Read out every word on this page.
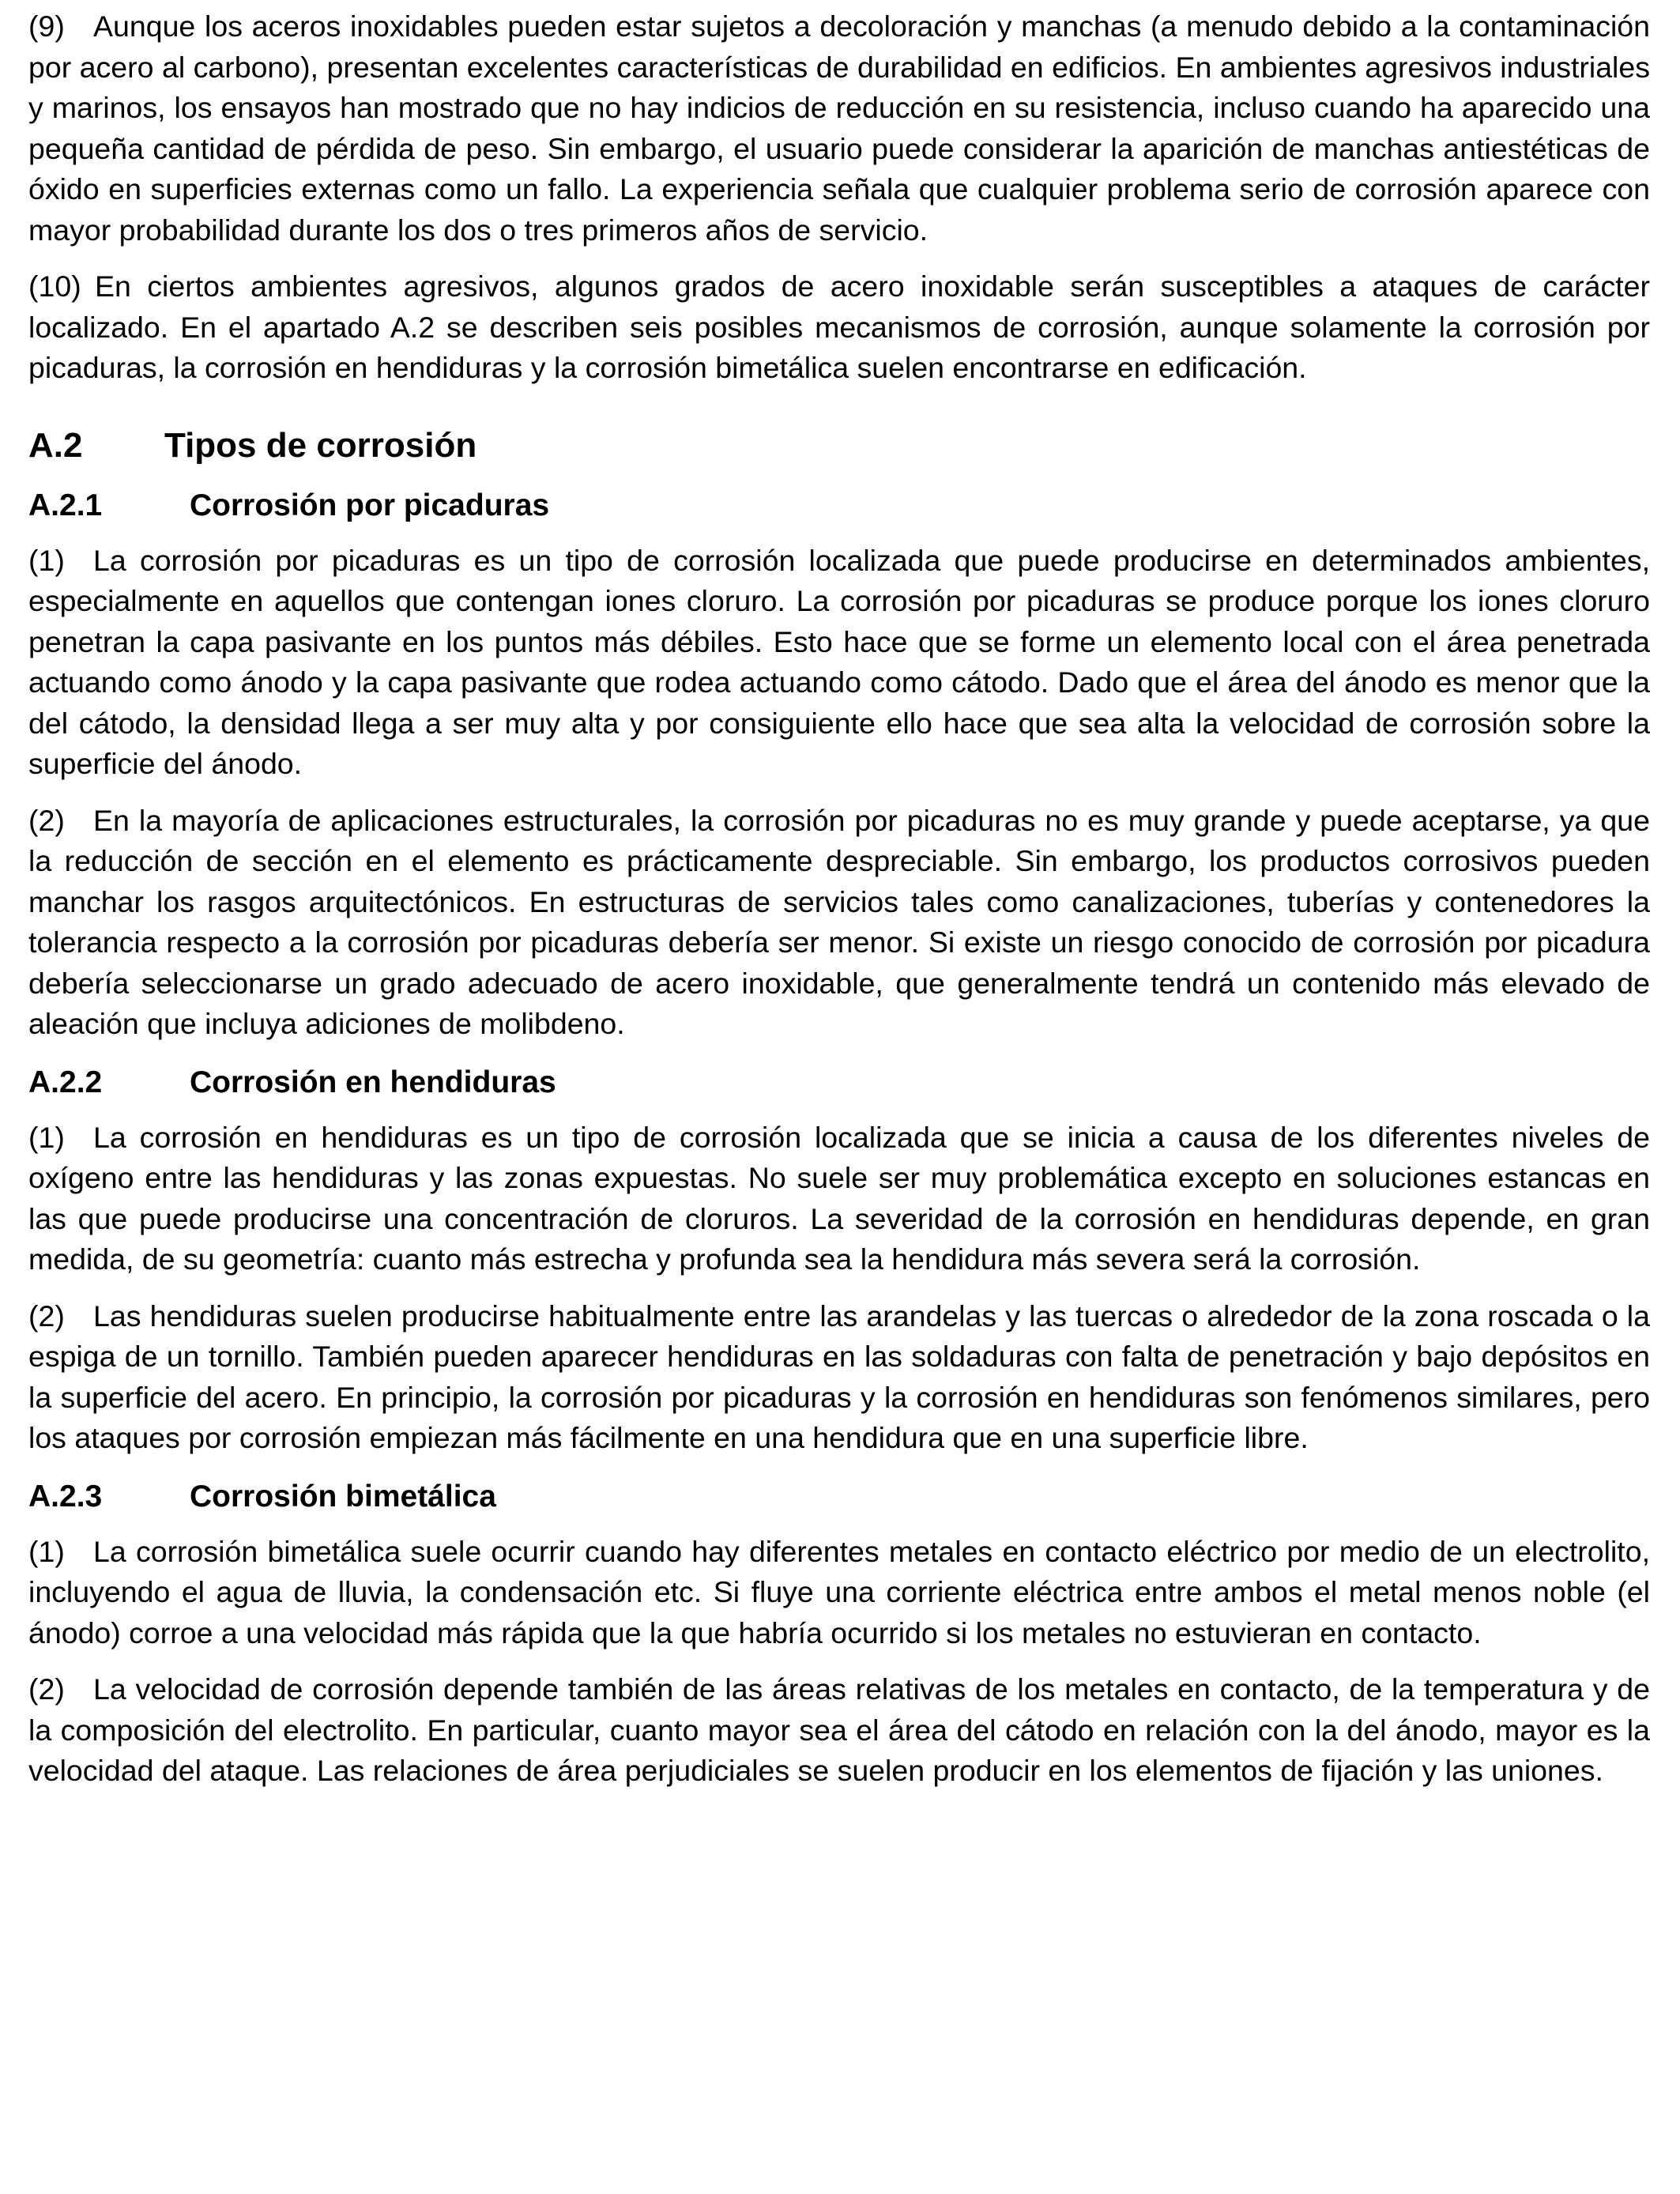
(9) Aunque los aceros inoxidables pueden estar sujetos a decoloración y manchas (a menudo debido a la contaminación por acero al carbono), presentan excelentes características de durabilidad en edificios. En ambientes agresivos industriales y marinos, los ensayos han mostrado que no hay indicios de reducción en su resistencia, incluso cuando ha aparecido una pequeña cantidad de pérdida de peso. Sin embargo, el usuario puede considerar la aparición de manchas antiestéticas de óxido en superficies externas como un fallo. La experiencia señala que cualquier problema serio de corrosión aparece con mayor probabilidad durante los dos o tres primeros años de servicio.

(10) En ciertos ambientes agresivos, algunos grados de acero inoxidable serán susceptibles a ataques de carácter localizado. En el apartado A.2 se describen seis posibles mecanismos de corrosión, aunque solamente la corrosión por picaduras, la corrosión en hendiduras y la corrosión bimetálica suelen encontrarse en edificación.

A.2 Tipos de corrosión
A.2.1	Corrosión por picaduras

(1) La corrosión por picaduras es un tipo de corrosión localizada que puede producirse en determinados ambientes, especialmente en aquellos que contengan iones cloruro. La corrosión por picaduras se produce porque los iones cloruro penetran la capa pasivante en los puntos más débiles. Esto hace que se forme un elemento local con el área penetrada actuando como ánodo y la capa pasivante que rodea actuando como cátodo. Dado que el área del ánodo es menor que la del cátodo, la densidad llega a ser muy alta y por consiguiente ello hace que sea alta la velocidad de corrosión sobre la superficie del ánodo.

(2) En la mayoría de aplicaciones estructurales, la corrosión por picaduras no es muy grande y puede aceptarse, ya que la reducción de sección en el elemento es prácticamente despreciable. Sin embargo, los productos corrosivos pueden manchar los rasgos arquitectónicos. En estructuras de servicios tales como canalizaciones, tuberías y contenedores la tolerancia respecto a la corrosión por picaduras debería ser menor. Si existe un riesgo conocido de corrosión por picadura debería seleccionarse un grado adecuado de acero inoxidable, que generalmente tendrá un contenido más elevado de aleación que incluya adiciones de molibdeno.

A.2.2	Corrosión en hendiduras

(1) La corrosión en hendiduras es un tipo de corrosión localizada que se inicia a causa de los diferentes niveles de oxígeno entre las hendiduras y las zonas expuestas. No suele ser muy problemática excepto en soluciones estancas en las que puede producirse una concentración de cloruros. La severidad de la corrosión en hendiduras depende, en gran medida, de su geometría: cuanto más estrecha y profunda sea la hendidura más severa será la corrosión.

(2) Las hendiduras suelen producirse habitualmente entre las arandelas y las tuercas o alrededor de la zona roscada o la espiga de un tornillo. También pueden aparecer hendiduras en las soldaduras con falta de penetración y bajo depósitos en la superficie del acero. En principio, la corrosión por picaduras y la corrosión en hendiduras son fenómenos similares, pero los ataques por corrosión empiezan más fácilmente en una hendidura que en una superficie libre.

A.2.3	Corrosión bimetálica

(1) La corrosión bimetálica suele ocurrir cuando hay diferentes metales en contacto eléctrico por medio de un electrolito, incluyendo el agua de lluvia, la condensación etc. Si fluye una corriente eléctrica entre ambos el metal menos noble (el ánodo) corroe a una velocidad más rápida que la que habría ocurrido si los metales no estuvieran en contacto.

(2) La velocidad de corrosión depende también de las áreas relativas de los metales en contacto, de la temperatura y de la composición del electrolito. En particular, cuanto mayor sea el área del cátodo en relación con la del ánodo, mayor es la velocidad del ataque. Las relaciones de área perjudiciales se suelen producir en los elementos de fijación y las uniones.
